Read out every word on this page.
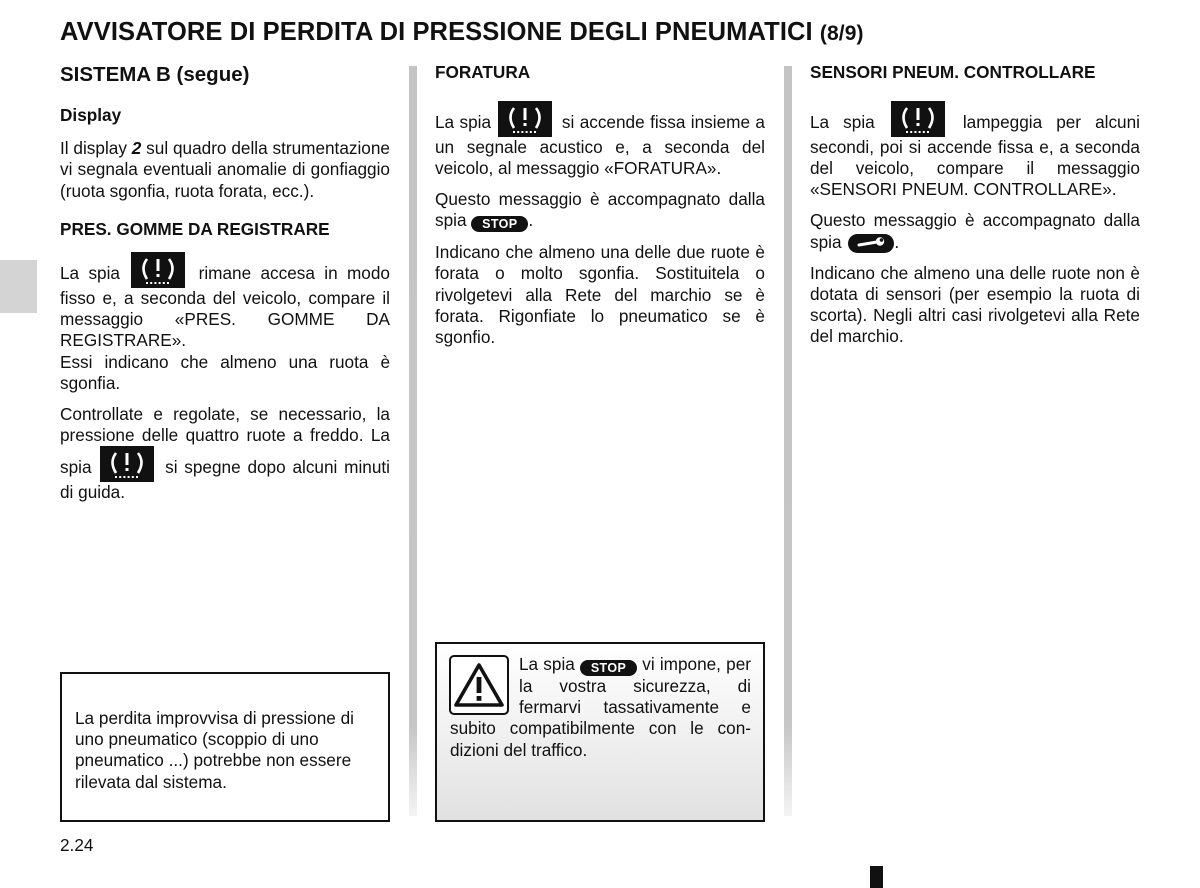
AVVISATORE DI PERDITA DI PRESSIONE DEGLI PNEUMATICI (8/9)
SISTEMA B (segue)
Display

Il display 2 sul quadro della strumentazione vi segnala eventuali anomalie di gonfiaggio (ruota sgonfia, ruota forata, ecc.).

PRES. GOMME DA REGISTRARE

La spia	rimane accesa in modo fisso e, a seconda del veicolo, compare il messaggio «PRES. GOMME DA REGISTRARE».

Essi indicano che almeno una ruota è sgonfia.

Controllate e regolate, se necessario, la pressione delle quattro ruote a freddo. La spia	si spegne dopo alcuni minuti di guida.

FORATURA

La spia	si accende fissa insieme a un segnale acustico e, a seconda del veicolo, al messaggio «FORATURA».

Questo messaggio è accompagnato dalla spia STOP .

Indicano che almeno una delle due ruote è forata o molto sgonfia. Sostituitela o rivolgetevi alla Rete del marchio se è forata. Rigonfiate lo pneumatico se è sgonfio.

SENSORI PNEUM. CONTROLLARE

La spia	lampeggia per alcuni secondi, poi si accende fissa e, a seconda del veicolo, compare il messaggio «SENSORI PNEUM. CONTROLLARE».

Questo messaggio è accompagnato dalla spia	.

Indicano che almeno una delle ruote non è dotata di sensori (per esempio la ruota di scorta). Negli altri casi rivolgetevi alla Rete del marchio.

La perdita improvvisa di pressione di uno pneumatico (scoppio di uno pneumatico ...) potrebbe non essere rilevata dal sistema.

La spia STOP vi impone, per la vostra sicurezza, di fermarvi tassativamente e subito compatibilmente con le condizioni del traffico.

2.24
